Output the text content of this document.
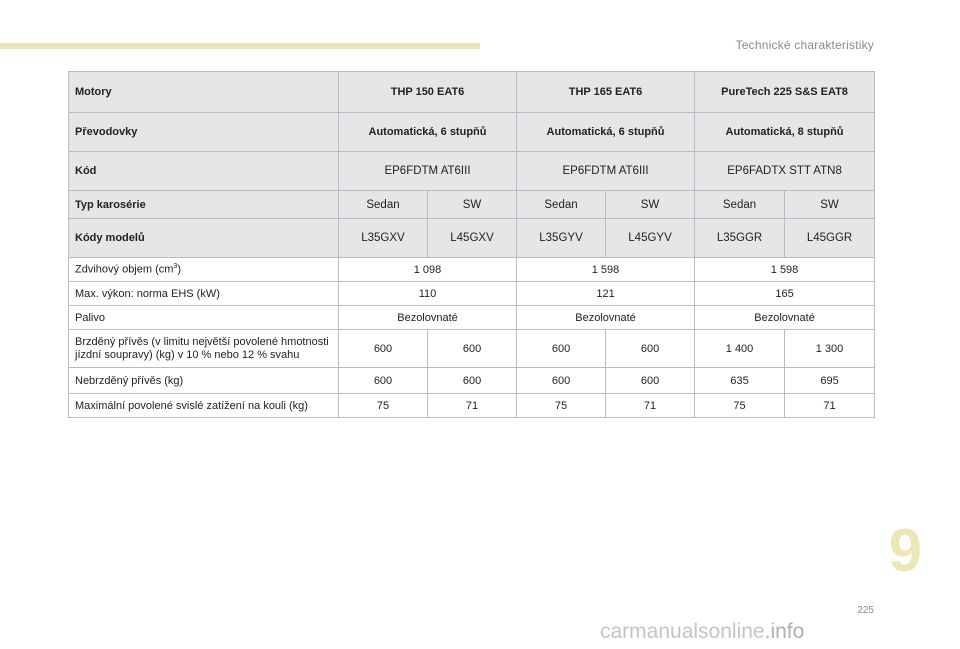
Technické charakteristiky
Motory	THP 150 EAT6		THP 165 EAT6		PureTech 225 S&S EAT8	
Převodovky	Automatická, 6 stupňů		Automatická, 6 stupňů		Automatická, 8 stupňů	
Kód	EP6FDTM AT6III		EP6FDTM AT6III		EP6FADTX STT ATN8	
Typ karosérie	Sedan	SW	Sedan	SW	Sedan	SW
Kódy modelů	L35GXV	L45GXV	L35GYV	L45GYV	L35GGR	L45GGR
Zdvihový objem $(cm^3)$	1 098		1 598		1 598	
Max. výkon: norma EHS (kW)	110		121		165	
Palivo	Bezolovnaté		Bezolovnaté		Bezolovnaté	
Brzděný přívěs (v limitu největší povolené hmotnosti jízdní soupravy) (kg) v 10 % nebo 12 % svahu	600	600	600	600	1 400	1 300
Nebrzděný přívěs (kg)	600	600	600	600	635	695
Maximální povolené svislé zatížení na kouli (kg)	75	71	75	71	75	71
9
225
carmanualsonline.info
